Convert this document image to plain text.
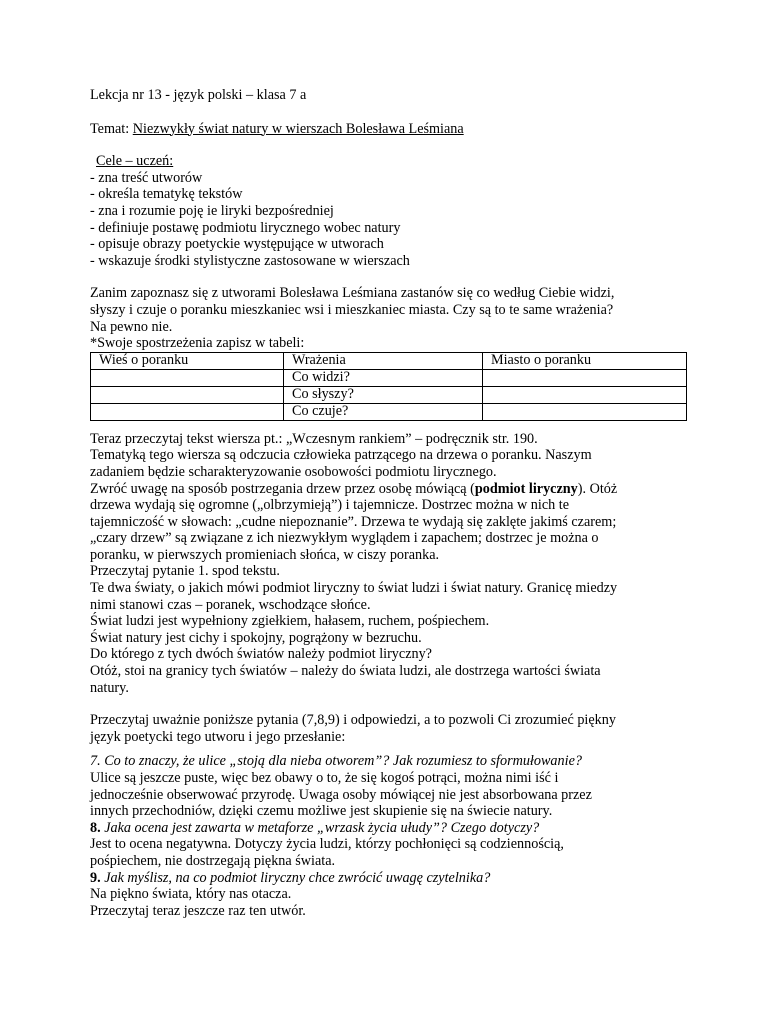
Lekcja nr 13 - język polski – klasa 7 a

Temat: Niezwykły świat natury w wierszach Bolesława Leśmiana

Cele – uczeń:

- zna treść utworów

- określa tematykę tekstów

- zna i rozumie poję ie liryki bezpośredniej

- definiuje postawę podmiotu lirycznego wobec natury

- opisuje obrazy poetyckie występujące w utworach

- wskazuje środki stylistyczne zastosowane w wierszach

Zanim zapoznasz się z utworami Bolesława Leśmiana zastanów się co według Ciebie widzi,

słyszy i czuje o poranku mieszkaniec wsi i mieszkaniec miasta. Czy są to te same wrażenia?

Na pewno nie.

*Swoje spostrzeżenia zapisz w tabeli:

Wieś o poranku	Wrażenia	Miasto o poranku
	Co widzi?	
	Co słyszy?	
	Co czuje?	

Teraz przeczytaj tekst wiersza pt.: „Wczesnym rankiem” – podręcznik str. 190.

Tematyką tego wiersza są odczucia człowieka patrzącego na drzewa o poranku. Naszym

zadaniem będzie scharakteryzowanie osobowości podmiotu lirycznego.

Zwróć uwagę na sposób postrzegania drzew przez osobę mówiącą (podmiot liryczny). Otóż

drzewa wydają się ogromne („olbrzymieją”) i tajemnicze. Dostrzec można w nich te

tajemniczość w słowach: „cudne niepoznanie”. Drzewa te wydają się zaklęte jakimś czarem;

„czary drzew” są związane z ich niezwykłym wyglądem i zapachem; dostrzec je można o

poranku, w pierwszych promieniach słońca, w ciszy poranka.

Przeczytaj pytanie 1. spod tekstu.

Te dwa światy, o jakich mówi podmiot liryczny to świat ludzi i świat natury. Granicę miedzy

nimi stanowi czas – poranek, wschodzące słońce.

Świat ludzi jest wypełniony zgiełkiem, hałasem, ruchem, pośpiechem.

Świat natury jest cichy i spokojny, pogrążony w bezruchu.

Do którego z tych dwóch światów należy podmiot liryczny?

Otóż, stoi na granicy tych światów – należy do świata ludzi, ale dostrzega wartości świata

natury.

Przeczytaj uważnie poniższe pytania (7,8,9) i odpowiedzi, a to pozwoli Ci zrozumieć piękny

język poetycki tego utworu i jego przesłanie:

7. Co to znaczy, że ulice „stoją dla nieba otworem”? Jak rozumiesz to sformułowanie?

Ulice są jeszcze puste, więc bez obawy o to, że się kogoś potrąci, można nimi iść i

jednocześnie obserwować przyrodę. Uwaga osoby mówiącej nie jest absorbowana przez

innych przechodniów, dzięki czemu możliwe jest skupienie się na świecie natury.

8. Jaka ocena jest zawarta w metaforze „wrzask życia ułudy”? Czego dotyczy?

Jest to ocena negatywna. Dotyczy życia ludzi, którzy pochłonięci są codziennością,

pośpiechem, nie dostrzegają piękna świata.

9. Jak myślisz, na co podmiot liryczny chce zwrócić uwagę czytelnika?

Na piękno świata, który nas otacza.

Przeczytaj teraz jeszcze raz ten utwór.
